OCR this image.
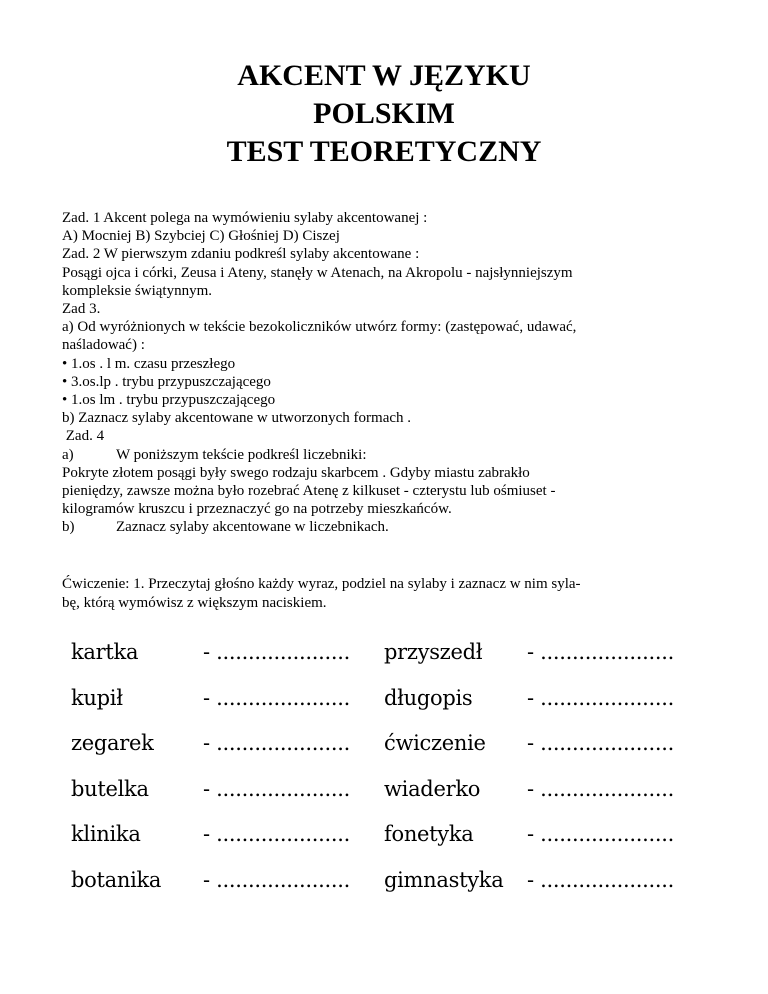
AKCENT W JĘZYKU
POLSKIM
TEST TEORETYCZNY
Zad. 1 Akcent polega na wymówieniu sylaby akcentowanej :
A) Mocniej B) Szybciej C) Głośniej D) Ciszej
Zad. 2 W pierwszym zdaniu podkreśl sylaby akcentowane :
Posągi ojca i córki, Zeusa i Ateny, stanęły w Atenach, na Akropolu - najsłynniejszym
kompleksie świątynnym.
Zad 3.
a) Od wyróżnionych w tekście bezokoliczników utwórz formy: (zastępować, udawać,
naśladować) :
• 1.os . l m. czasu przeszłego
• 3.os.lp . trybu przypuszczającego
• 1.os lm . trybu przypuszczającego
b) Zaznacz sylaby akcentowane w utworzonych formach .
Zad. 4
a)	W poniższym tekście podkreśl liczebniki:
Pokryte złotem posągi były swego rodzaju skarbcem . Gdyby miastu zabrakło
pieniędzy, zawsze można było rozebrać Atenę z kilkuset - czterystu lub ośmiuset -
kilogramów kruszcu i przeznaczyć go na potrzeby mieszkańców.
b)	Zaznacz sylaby akcentowane w liczebnikach.
Ćwiczenie: 1. Przeczytaj głośno każdy wyraz, podziel na sylaby i zaznacz w nim syla-
bę, którą wymówisz z większym naciskiem.
kartka	- ..................... przyszedł - .....................
kupił	- ..................... długopis	- .....................
zegarek - ..................... ćwiczenie - .....................
butelka	- ..................... wiaderko - .....................
klinika	- ..................... fonetyka	- .....................
botanika - ..................... gimnastyka - .....................
